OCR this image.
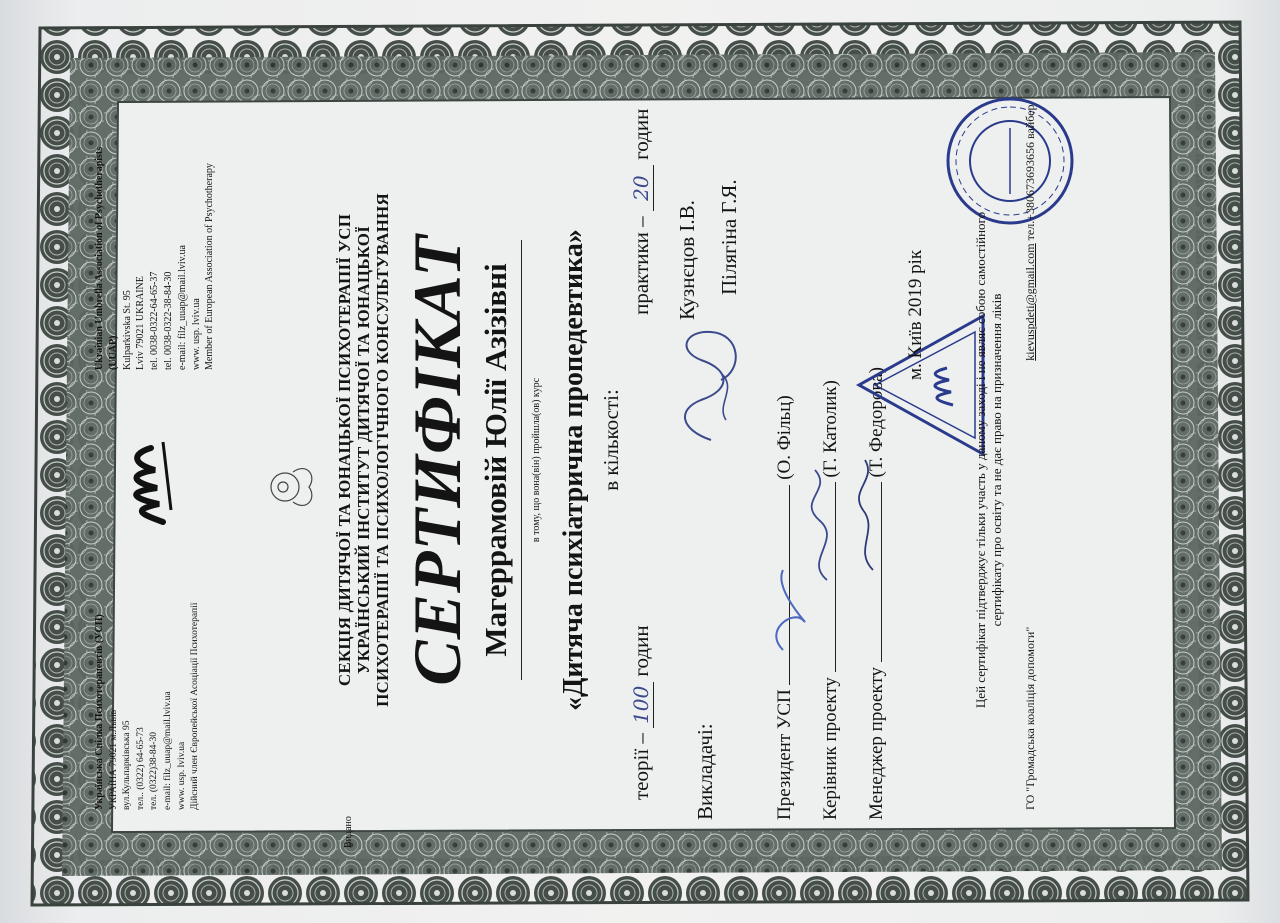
Українська Спілка Психотерапевтів (УСП) УКРАЇНА 79021 м.Львів вул.Кульпарківська 95 тел.. (0322) 64-65-73 тел. (0322)38-84-30 e-mail: filz_uuap@mail.lviv.ua www. usp. lviv.ua Дійсний член Європейської Асоціації Психотерапії
Ukrainian Umbrella Association of Psychotherapists (UUAP) Kulparkivska St. 95 Lviv 79021 UKRAINE tel. 0038-0322-64-65-37 tel. 0038-0322-38-84-30 e-mail: filz_uuap@mail.lviv.ua www. usp. lviv.ua Member of European Association of Psychotherapy
Видано
СЕКЦІЯ ДИТЯЧОЇ ТА ЮНАЦЬКОЇ ПСИХОТЕРАПІЇ УСП УКРАЇНСЬКИЙ ІНСТИТУТ ДИТЯЧОЇ ТА ЮНАЦЬКОЇ ПСИХОТЕРАПІЇ ТА ПСИХОЛОГІЧНОГО КОНСУЛЬТУВАННЯ СЕРТИФІКАТ Магеррамовій Юлії Азізівні в тому, що вона(він) пройшла(ов) курс «Дитяча психіатрична пропедевтика» в кількості:
теорії – 100 годин  практики – 20 годин
Викладачі:
Кузнєцов І.В. Пілягіна Г.Я.
Президент УСП  (О. Фільц)
Керівник проекту  (Г. Католик)
Менеджер проекту  (Т. Федорова)
м. Київ 2019 рік	Цей сертифікат підтверджує тільки участь у даному заході і не являє собою самостійного сертифікату про освіту та не дає право на призначення ліків
ГО "Громадська коаліція допомоги"  kievuspdeti@gmail.com тел.+380673693656 вайбер
